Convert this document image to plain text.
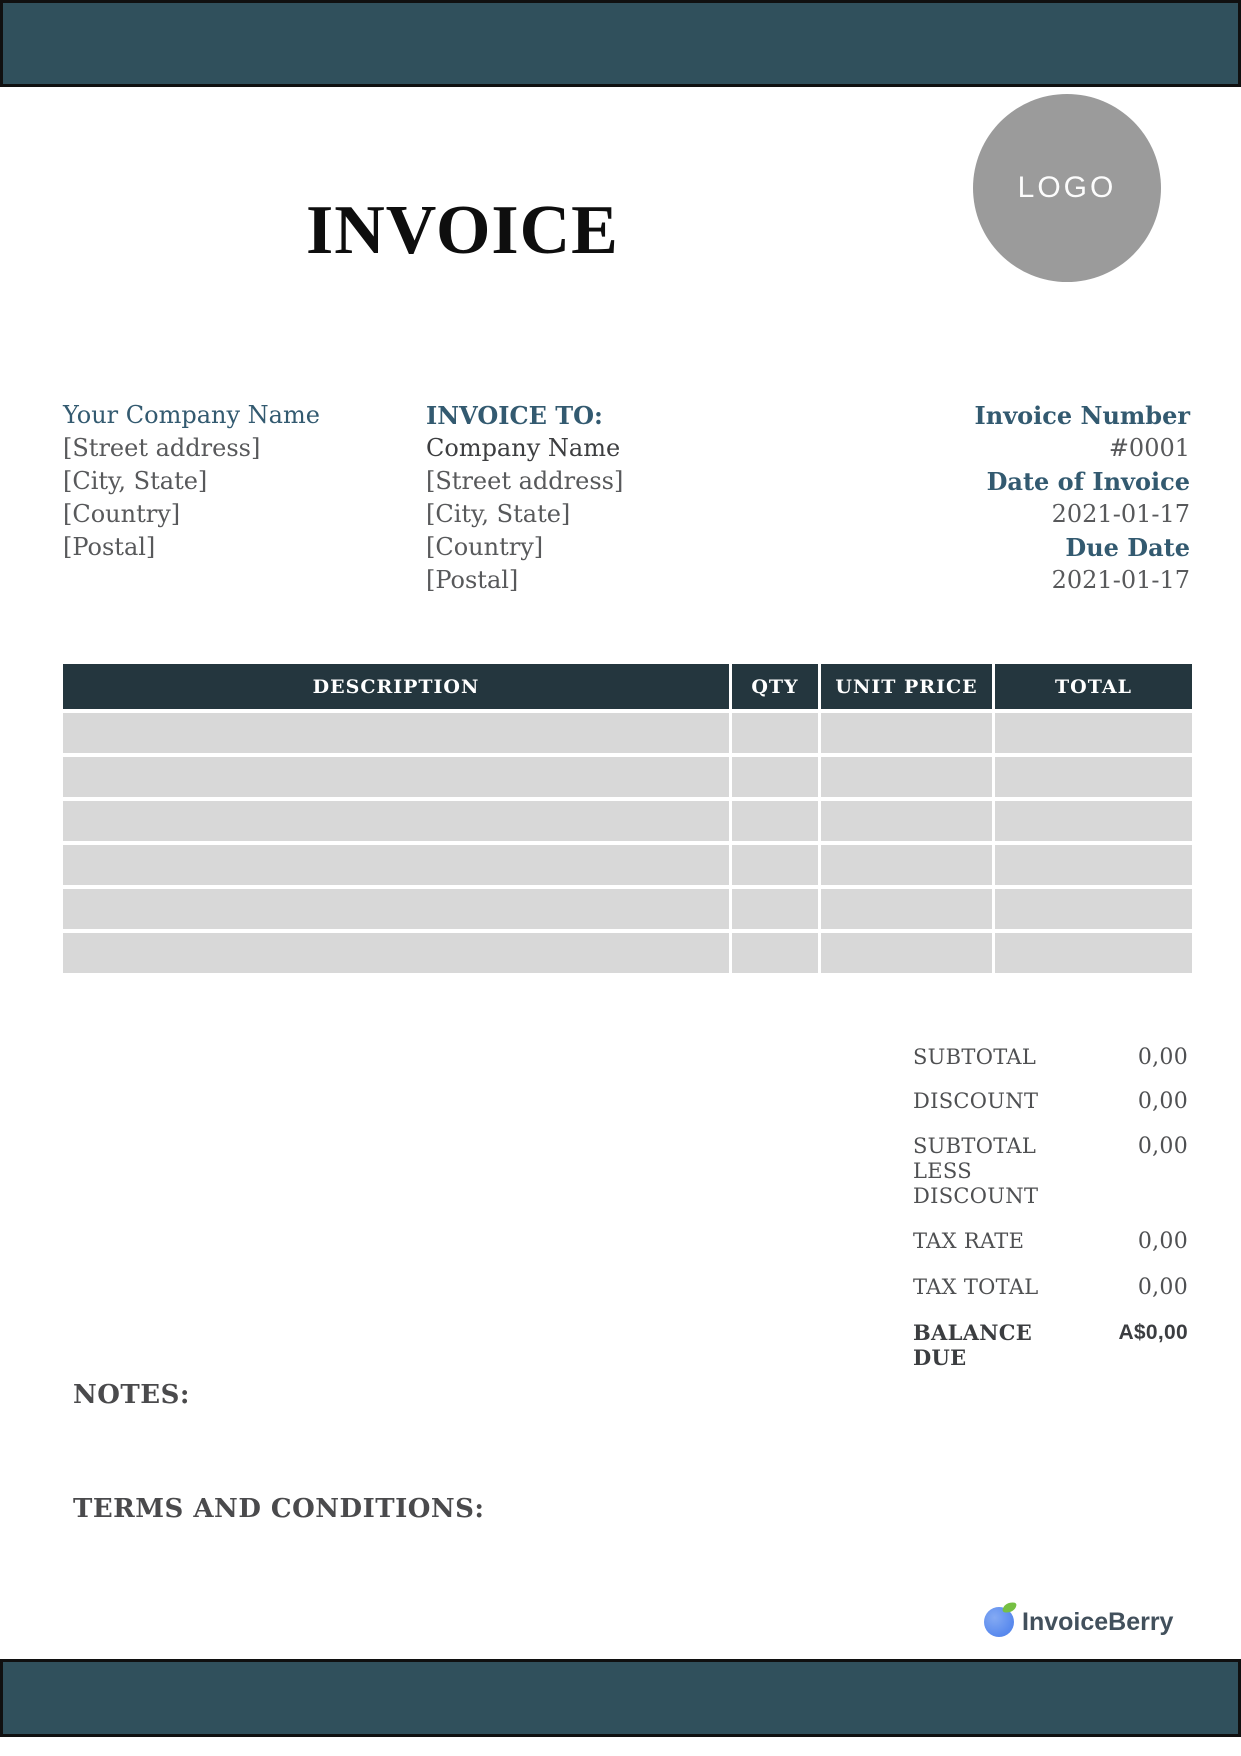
INVOICE
LOGO
Your Company Name
[Street address]
[City, State]
[Country]
[Postal]
INVOICE TO:
Company Name
[Street address]
[City, State]
[Country]
[Postal]
Invoice Number
#0001
Date of Invoice
2021-01-17
Due Date
2021-01-17
DESCRIPTION	QTY	UNIT PRICE	TOTAL
NOTES:
TERMS AND CONDITIONS:
InvoiceBerry
SUBTOTAL	0,00
DISCOUNT	0,00
SUBTOTAL LESS DISCOUNT
0,00
TAX RATE	0,00
TAX TOTAL	0,00
BALANCE DUE
A$0,00
